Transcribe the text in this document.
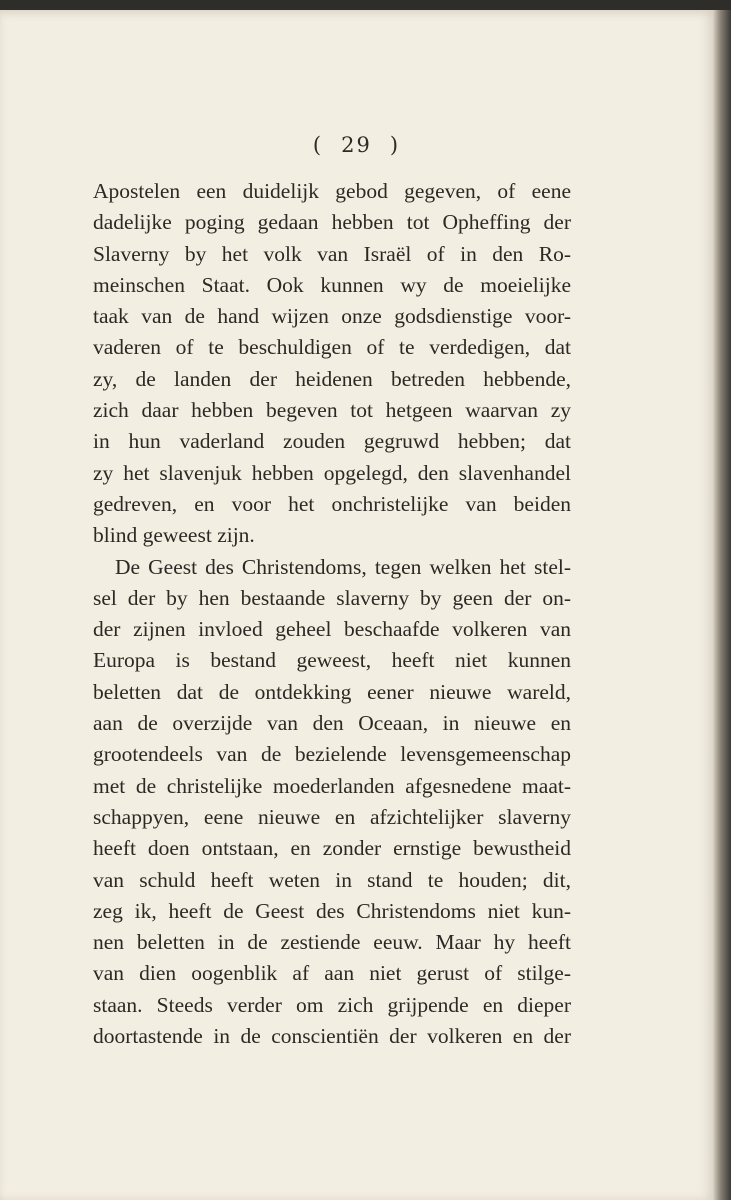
( 29 )
Apostelen een duidelijk gebod gegeven, of eene
dadelijke poging gedaan hebben tot Opheffing der
Slaverny by het volk van Israël of in den Ro-
meinschen Staat. Ook kunnen wy de moeielijke
taak van de hand wijzen onze godsdienstige voor-
vaderen of te beschuldigen of te verdedigen, dat
zy, de landen der heidenen betreden hebbende,
zich daar hebben begeven tot hetgeen waarvan zy
in hun vaderland zouden gegruwd hebben; dat
zy het slavenjuk hebben opgelegd, den slavenhandel
gedreven, en voor het onchristelijke van beiden
blind geweest zijn.
De Geest des Christendoms, tegen welken het stel-
sel der by hen bestaande slaverny by geen der on-
der zijnen invloed geheel beschaafde volkeren van
Europa is bestand geweest, heeft niet kunnen
beletten dat de ontdekking eener nieuwe wareld,
aan de overzijde van den Oceaan, in nieuwe en
grootendeels van de bezielende levensgemeenschap
met de christelijke moederlanden afgesnedene maat-
schappyen, eene nieuwe en afzichtelijker slaverny
heeft doen ontstaan, en zonder ernstige bewustheid
van schuld heeft weten in stand te houden; dit,
zeg ik, heeft de Geest des Christendoms niet kun-
nen beletten in de zestiende eeuw. Maar hy heeft
van dien oogenblik af aan niet gerust of stilge-
staan. Steeds verder om zich grijpende en dieper
doortastende in de conscientiën der volkeren en der
